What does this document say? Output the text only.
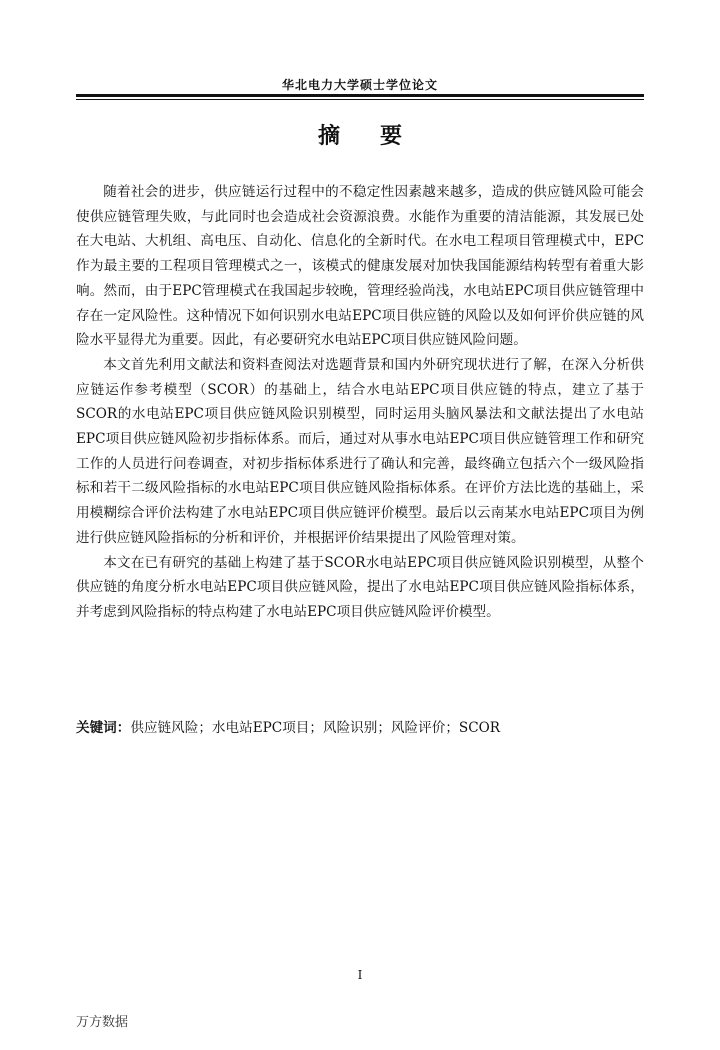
华北电力大学硕士学位论文
摘要

随着社会的进步，供应链运行过程中的不稳定性因素越来越多，造成的供应链风险可能会使供应链管理失败，与此同时也会造成社会资源浪费。水能作为重要的清洁能源，其发展已处在大电站、大机组、高电压、自动化、信息化的全新时代。在水电工程项目管理模式中，EPC作为最主要的工程项目管理模式之一，该模式的健康发展对加快我国能源结构转型有着重大影响。然而，由于EPC管理模式在我国起步较晚，管理经验尚浅，水电站EPC项目供应链管理中存在一定风险性。这种情况下如何识别水电站EPC项目供应链的风险以及如何评价供应链的风险水平显得尤为重要。因此，有必要研究水电站EPC项目供应链风险问题。

本文首先利用文献法和资料查阅法对选题背景和国内外研究现状进行了解，在深入分析供应链运作参考模型（SCOR）的基础上，结合水电站EPC项目供应链的特点，建立了基于SCOR的水电站EPC项目供应链风险识别模型，同时运用头脑风暴法和文献法提出了水电站EPC项目供应链风险初步指标体系。而后，通过对从事水电站EPC项目供应链管理工作和研究工作的人员进行问卷调查，对初步指标体系进行了确认和完善，最终确立包括六个一级风险指标和若干二级风险指标的水电站EPC项目供应链风险指标体系。在评价方法比选的基础上，采用模糊综合评价法构建了水电站EPC项目供应链评价模型。最后以云南某水电站EPC项目为例进行供应链风险指标的分析和评价，并根据评价结果提出了风险管理对策。

本文在已有研究的基础上构建了基于SCOR水电站EPC项目供应链风险识别模型，从整个供应链的角度分析水电站EPC项目供应链风险，提出了水电站EPC项目供应链风险指标体系，并考虑到风险指标的特点构建了水电站EPC项目供应链风险评价模型。

关键词：供应链风险；水电站EPC项目；风险识别；风险评价；SCOR
I
万方数据
